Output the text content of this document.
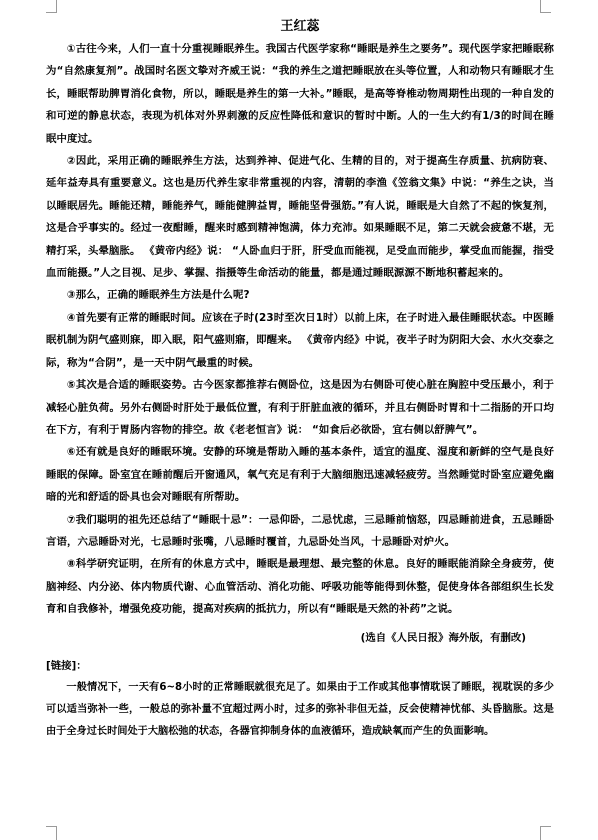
王红蕊

①古往今来，人们一直十分重视睡眠养生。我国古代医学家称“睡眠是养生之要务”。现代医学家把睡眠称为“自然康复剂”。战国时名医文挚对齐威王说：“我的养生之道把睡眠放在头等位置，人和动物只有睡眠才生长，睡眠帮助脾胃消化食物，所以，睡眠是养生的第一大补。”睡眠，是高等脊椎动物周期性出现的一种自发的和可逆的静息状态，表现为机体对外界刺激的反应性降低和意识的暂时中断。人的一生大约有1/3的时间在睡眠中度过。

②因此，采用正确的睡眠养生方法，达到养神、促进气化、生精的目的，对于提高生存质量、抗病防衰、延年益寿具有重要意义。这也是历代养生家非常重视的内容，清朝的李渔《笠翁文集》中说：“养生之诀，当以睡眠居先。睡能还精，睡能养气，睡能健脾益胃，睡能坚骨强筋。”有人说，睡眠是大自然了不起的恢复剂，这是合乎事实的。经过一夜酣睡，醒来时感到精神饱满，体力充沛。如果睡眠不足，第二天就会疲惫不堪，无精打采，头晕脑胀。 《黄帝内经》说： “人卧血归于肝，肝受血而能视，足受血而能步，掌受血而能握，指受血而能摄。”人之目视、足步、掌握、指摄等生命活动的能量，都是通过睡眠源源不断地积蓄起来的。

③那么，正确的睡眠养生方法是什么呢?

④首先要有正常的睡眠时间。应该在子时(23时至次日1时）以前上床，在子时进入最佳睡眠状态。中医睡眠机制为阴气盛则寐，即入眠，阳气盛则寤，即醒来。 《黄帝内经》中说，夜半子时为阴阳大会、水火交泰之际，称为“合阴”，是一天中阴气最重的时候。

⑤其次是合适的睡眠姿势。古今医家都推荐右侧卧位，这是因为右侧卧可使心脏在胸腔中受压最小，利于减轻心脏负荷。另外右侧卧时肝处于最低位置，有利于肝脏血液的循环，并且右侧卧时胃和十二指肠的开口均在下方，有利于胃肠内容物的排空。故《老老恒言》说： “如食后必欲卧，宜右侧以舒脾气”。

⑥还有就是良好的睡眠环境。安静的环境是帮助入睡的基本条件，适宜的温度、湿度和新鲜的空气是良好睡眠的保障。卧室宜在睡前醒后开窗通风，氧气充足有利于大脑细胞迅速减轻疲劳。当然睡觉时卧室应避免幽暗的光和舒适的卧具也会对睡眠有所帮助。

⑦我们聪明的祖先还总结了“睡眠十忌”：一忌仰卧，二忌忧虑，三忌睡前恼怒，四忌睡前进食，五忌睡卧言语，六忌睡卧对光，七忌睡时张嘴，八忌睡时覆首，九忌卧处当风，十忌睡卧对炉火。

⑧科学研究证明，在所有的休息方式中，睡眠是最理想、最完整的休息。良好的睡眠能消除全身疲劳，使脑神经、内分泌、体内物质代谢、心血管活动、消化功能、呼吸功能等能得到休整，促使身体各部组织生长发育和自我修补，增强免疫功能，提高对疾病的抵抗力，所以有“睡眠是天然的补药”之说。

(选自《人民日报》海外版，有删改)
[链接]：

一般情况下，一天有6~8小时的正常睡眠就很充足了。如果由于工作或其他事情耽误了睡眠，视耽误的多少可以适当弥补一些，一般总的弥补量不宜超过两小时，过多的弥补非但无益，反会使精神忧郁、头昏脑胀。这是由于全身过长时间处于大脑松弛的状态，各器官抑制身体的血液循环，造成缺氧而产生的负面影响。
